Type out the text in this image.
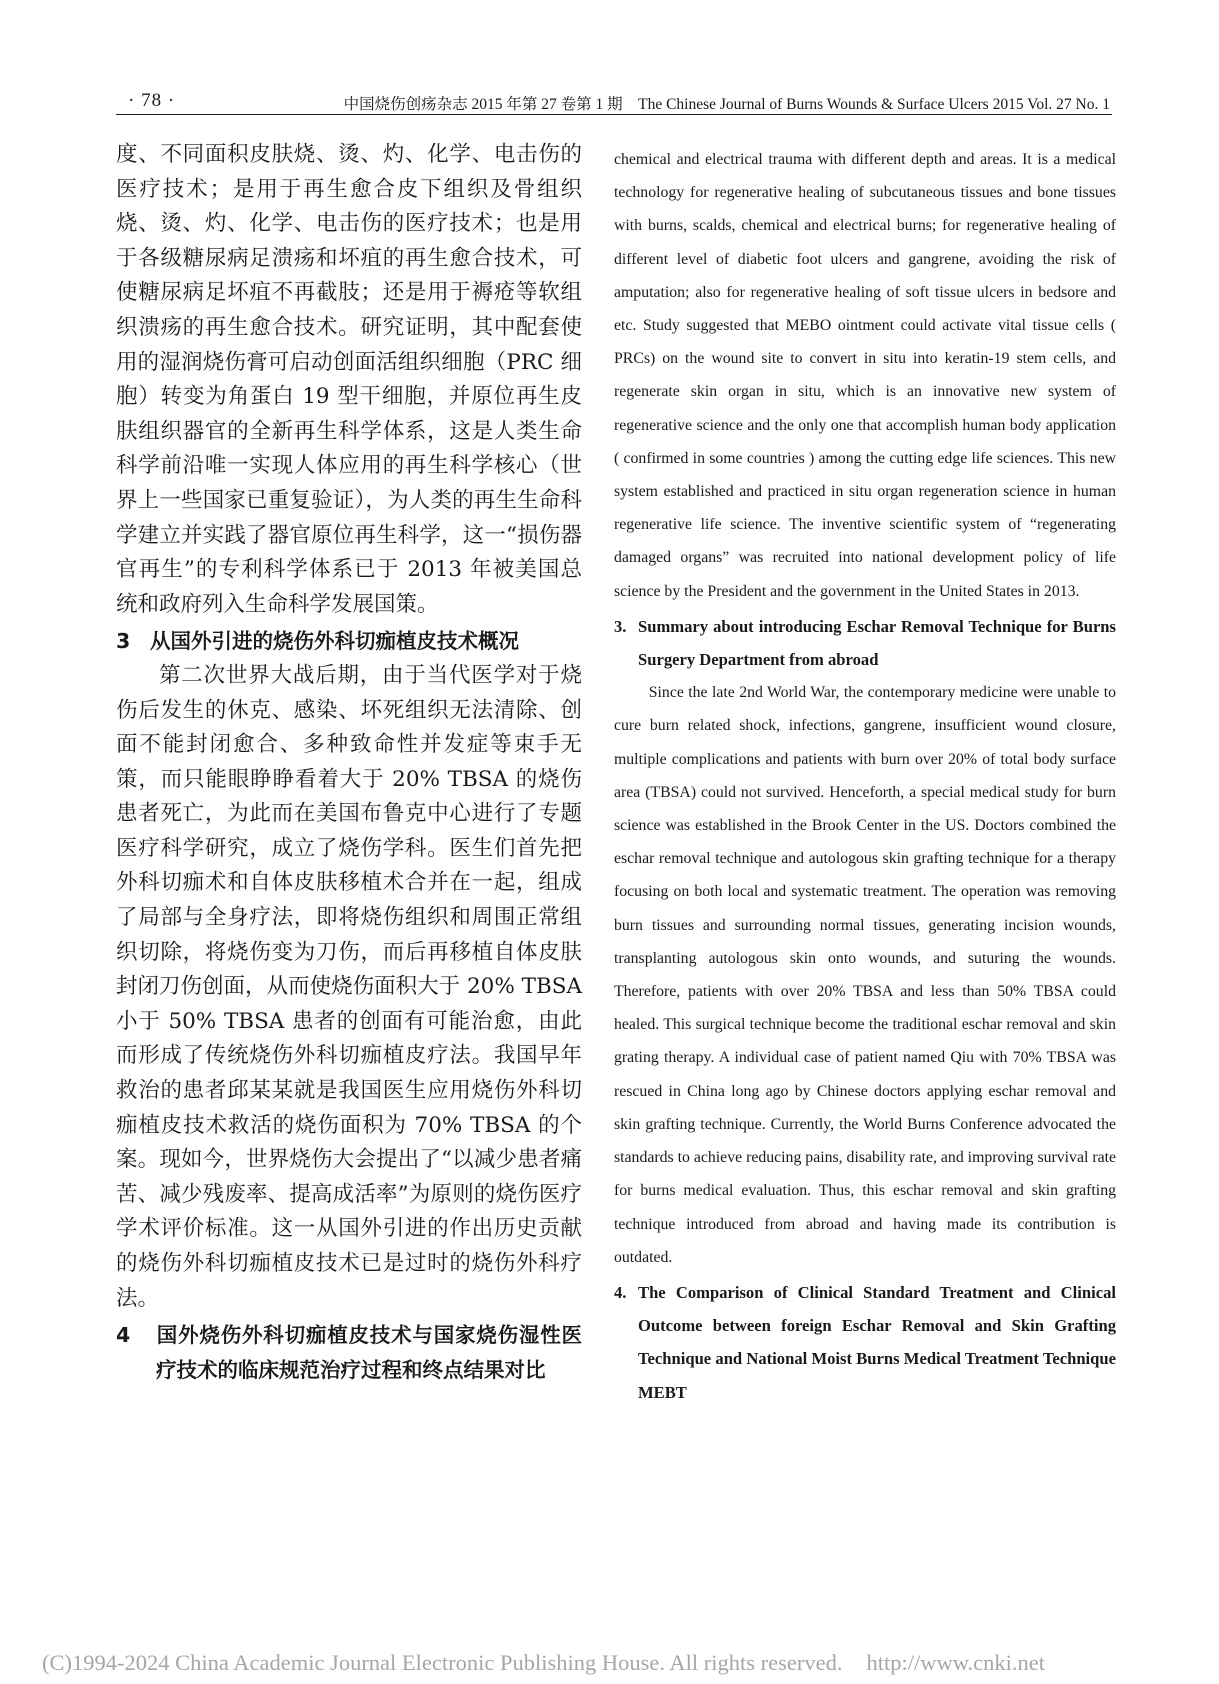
· 78 ·	中国烧伤创疡杂志 2015 年第 27 卷第 1 期　The Chinese Journal of Burns Wounds & Surface Ulcers 2015 Vol. 27 No. 1

度、不同面积皮肤烧、烫、灼、化学、电击伤的医疗技术；是用于再生愈合皮下组织及骨组织烧、烫、灼、化学、电击伤的医疗技术；也是用于各级糖尿病足溃疡和坏疽的再生愈合技术，可使糖尿病足坏疽不再截肢；还是用于褥疮等软组织溃疡的再生愈合技术。研究证明，其中配套使用的湿润烧伤膏可启动创面活组织细胞（PRC 细胞）转变为角蛋白 19 型干细胞，并原位再生皮肤组织器官的全新再生科学体系，这是人类生命科学前沿唯一实现人体应用的再生科学核心（世界上一些国家已重复验证），为人类的再生生命科学建立并实践了器官原位再生科学，这一“损伤器官再生”的专利科学体系已于 2013 年被美国总统和政府列入生命科学发展国策。

3 从国外引进的烧伤外科切痂植皮技术概况

第二次世界大战后期，由于当代医学对于烧伤后发生的休克、感染、坏死组织无法清除、创面不能封闭愈合、多种致命性并发症等束手无策，而只能眼睁睁看着大于 20% TBSA 的烧伤患者死亡，为此而在美国布鲁克中心进行了专题医疗科学研究，成立了烧伤学科。医生们首先把外科切痂术和自体皮肤移植术合并在一起，组成了局部与全身疗法，即将烧伤组织和周围正常组织切除，将烧伤变为刀伤，而后再移植自体皮肤封闭刀伤创面，从而使烧伤面积大于 20% TBSA 小于 50% TBSA 患者的创面有可能治愈，由此而形成了传统烧伤外科切痂植皮疗法。我国早年救治的患者邱某某就是我国医生应用烧伤外科切痂植皮技术救活的烧伤面积为 70% TBSA 的个案。现如今，世界烧伤大会提出了“以减少患者痛苦、减少残废率、提高成活率”为原则的烧伤医疗学术评价标准。这一从国外引进的作出历史贡献的烧伤外科切痂植皮技术已是过时的烧伤外科疗法。

4 国外烧伤外科切痂植皮技术与国家烧伤湿性医疗技术的临床规范治疗过程和终点结果对比

chemical and electrical trauma with different depth and areas. It is a medical technology for regenerative healing of subcutaneous tissues and bone tissues with burns, scalds, chemical and electrical burns; for regenerative healing of different level of diabetic foot ulcers and gangrene, avoiding the risk of amputation; also for regenerative healing of soft tissue ulcers in bedsore and etc. Study suggested that MEBO ointment could activate vital tissue cells ( PRCs) on the wound site to convert in situ into keratin-19 stem cells, and regenerate skin organ in situ, which is an innovative new system of regenerative science and the only one that accomplish human body application ( confirmed in some countries ) among the cutting edge life sciences. This new system established and practiced in situ organ regeneration science in human regenerative life science. The inventive scientific system of “regenerating damaged organs” was recruited into national development policy of life science by the President and the government in the United States in 2013.

3. Summary about introducing Eschar Removal Technique for Burns Surgery Department from abroad

Since the late 2nd World War, the contemporary medicine were unable to cure burn related shock, infections, gangrene, insufficient wound closure, multiple complications and patients with burn over 20% of total body surface area (TBSA) could not survived. Henceforth, a special medical study for burn science was established in the Brook Center in the US. Doctors combined the eschar removal technique and autologous skin grafting technique for a therapy focusing on both local and systematic treatment. The operation was removing burn tissues and surrounding normal tissues, generating incision wounds, transplanting autologous skin onto wounds, and suturing the wounds. Therefore, patients with over 20% TBSA and less than 50% TBSA could healed. This surgical technique become the traditional eschar removal and skin grating therapy. A individual case of patient named Qiu with 70% TBSA was rescued in China long ago by Chinese doctors applying eschar removal and skin grafting technique. Currently, the World Burns Conference advocated the standards to achieve reducing pains, disability rate, and improving survival rate for burns medical evaluation. Thus, this eschar removal and skin grafting technique introduced from abroad and having made its contribution is outdated.

4. The Comparison of Clinical Standard Treatment and Clinical Outcome between foreign Eschar Removal and Skin Grafting Technique and National Moist Burns Medical Treatment Technique MEBT

(C)1994-2024 China Academic Journal Electronic Publishing House. All rights reserved. http://www.cnki.net
